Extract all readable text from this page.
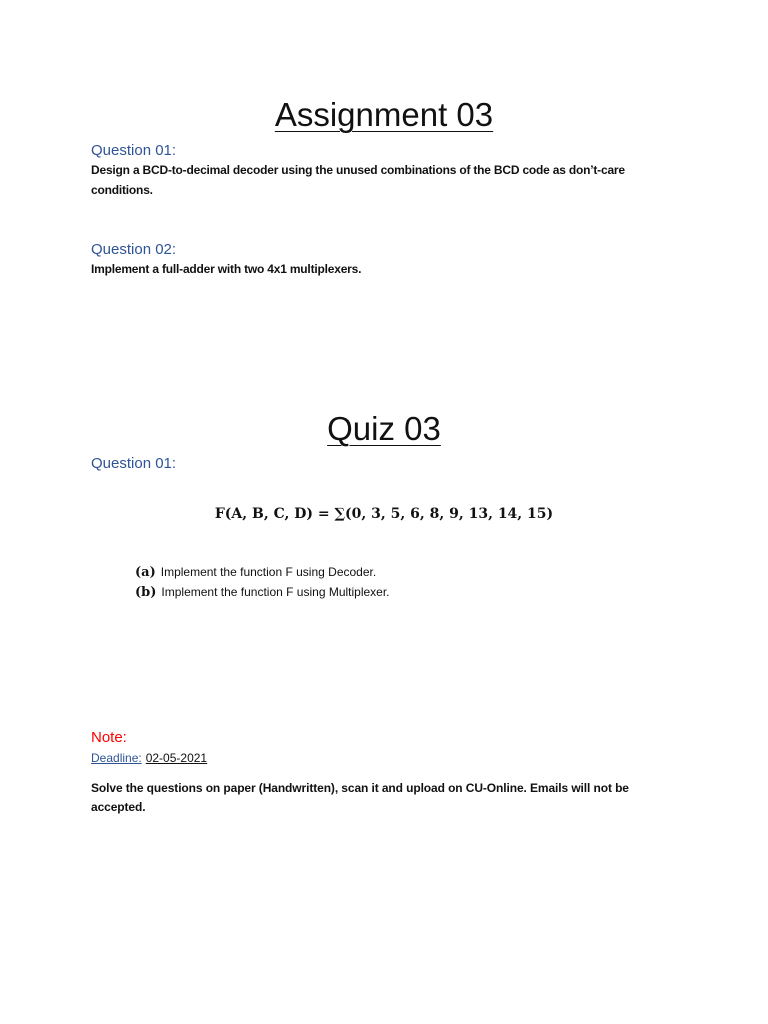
Assignment 03
Question 01:
Design a BCD-to-decimal decoder using the unused combinations of the BCD code as don’t-care conditions.
Question 02:
Implement a full-adder with two 4x1 multiplexers.
Quiz 03
Question 01:
F(A, B, C, D) = ∑(0, 3, 5, 6, 8, 9, 13, 14, 15)
(a) Implement the function F using Decoder.
(b) Implement the function F using Multiplexer.
Note:
Deadline: 02-05-2021
Solve the questions on paper (Handwritten), scan it and upload on CU-Online. Emails will not be accepted.
